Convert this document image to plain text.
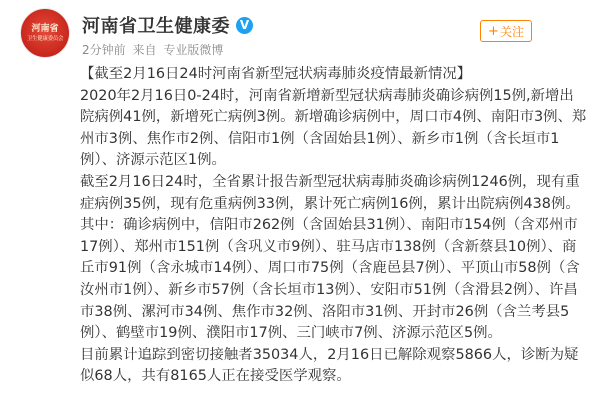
河南省
卫生健康委员会
河南省卫生健康委 V
2分钟前 来自 专业版微博
+ 关注

【截至2月16日24时河南省新型冠状病毒肺炎疫情最新情况】

2020年2月16日0-24时，河南省新增新型冠状病毒肺炎确诊病例15例,新增出院病例41例，新增死亡病例3例。新增确诊病例中，周口市4例、南阳市3例、郑州市3例、焦作市2例、信阳市1例（含固始县1例）、新乡市1例（含长垣市1例）、济源示范区1例。

截至2月16日24时，全省累计报告新型冠状病毒肺炎确诊病例1246例，现有重症病例35例，现有危重病例33例，累计死亡病例16例，累计出院病例438例。其中：确诊病例中，信阳市262例（含固始县31例）、南阳市154例（含邓州市17例）、郑州市151例（含巩义市9例）、驻马店市138例（含新蔡县10例）、商丘市91例（含永城市14例）、周口市75例（含鹿邑县7例）、平顶山市58例（含汝州市1例）、新乡市57例（含长垣市13例）、安阳市51例（含滑县2例）、许昌市38例、漯河市34例、焦作市32例、洛阳市31例、开封市26例（含兰考县5例）、鹤壁市19例、濮阳市17例、三门峡市7例、济源示范区5例。

目前累计追踪到密切接触者35034人，2月16日已解除观察5866人，诊断为疑似68人，共有8165人正在接受医学观察。
